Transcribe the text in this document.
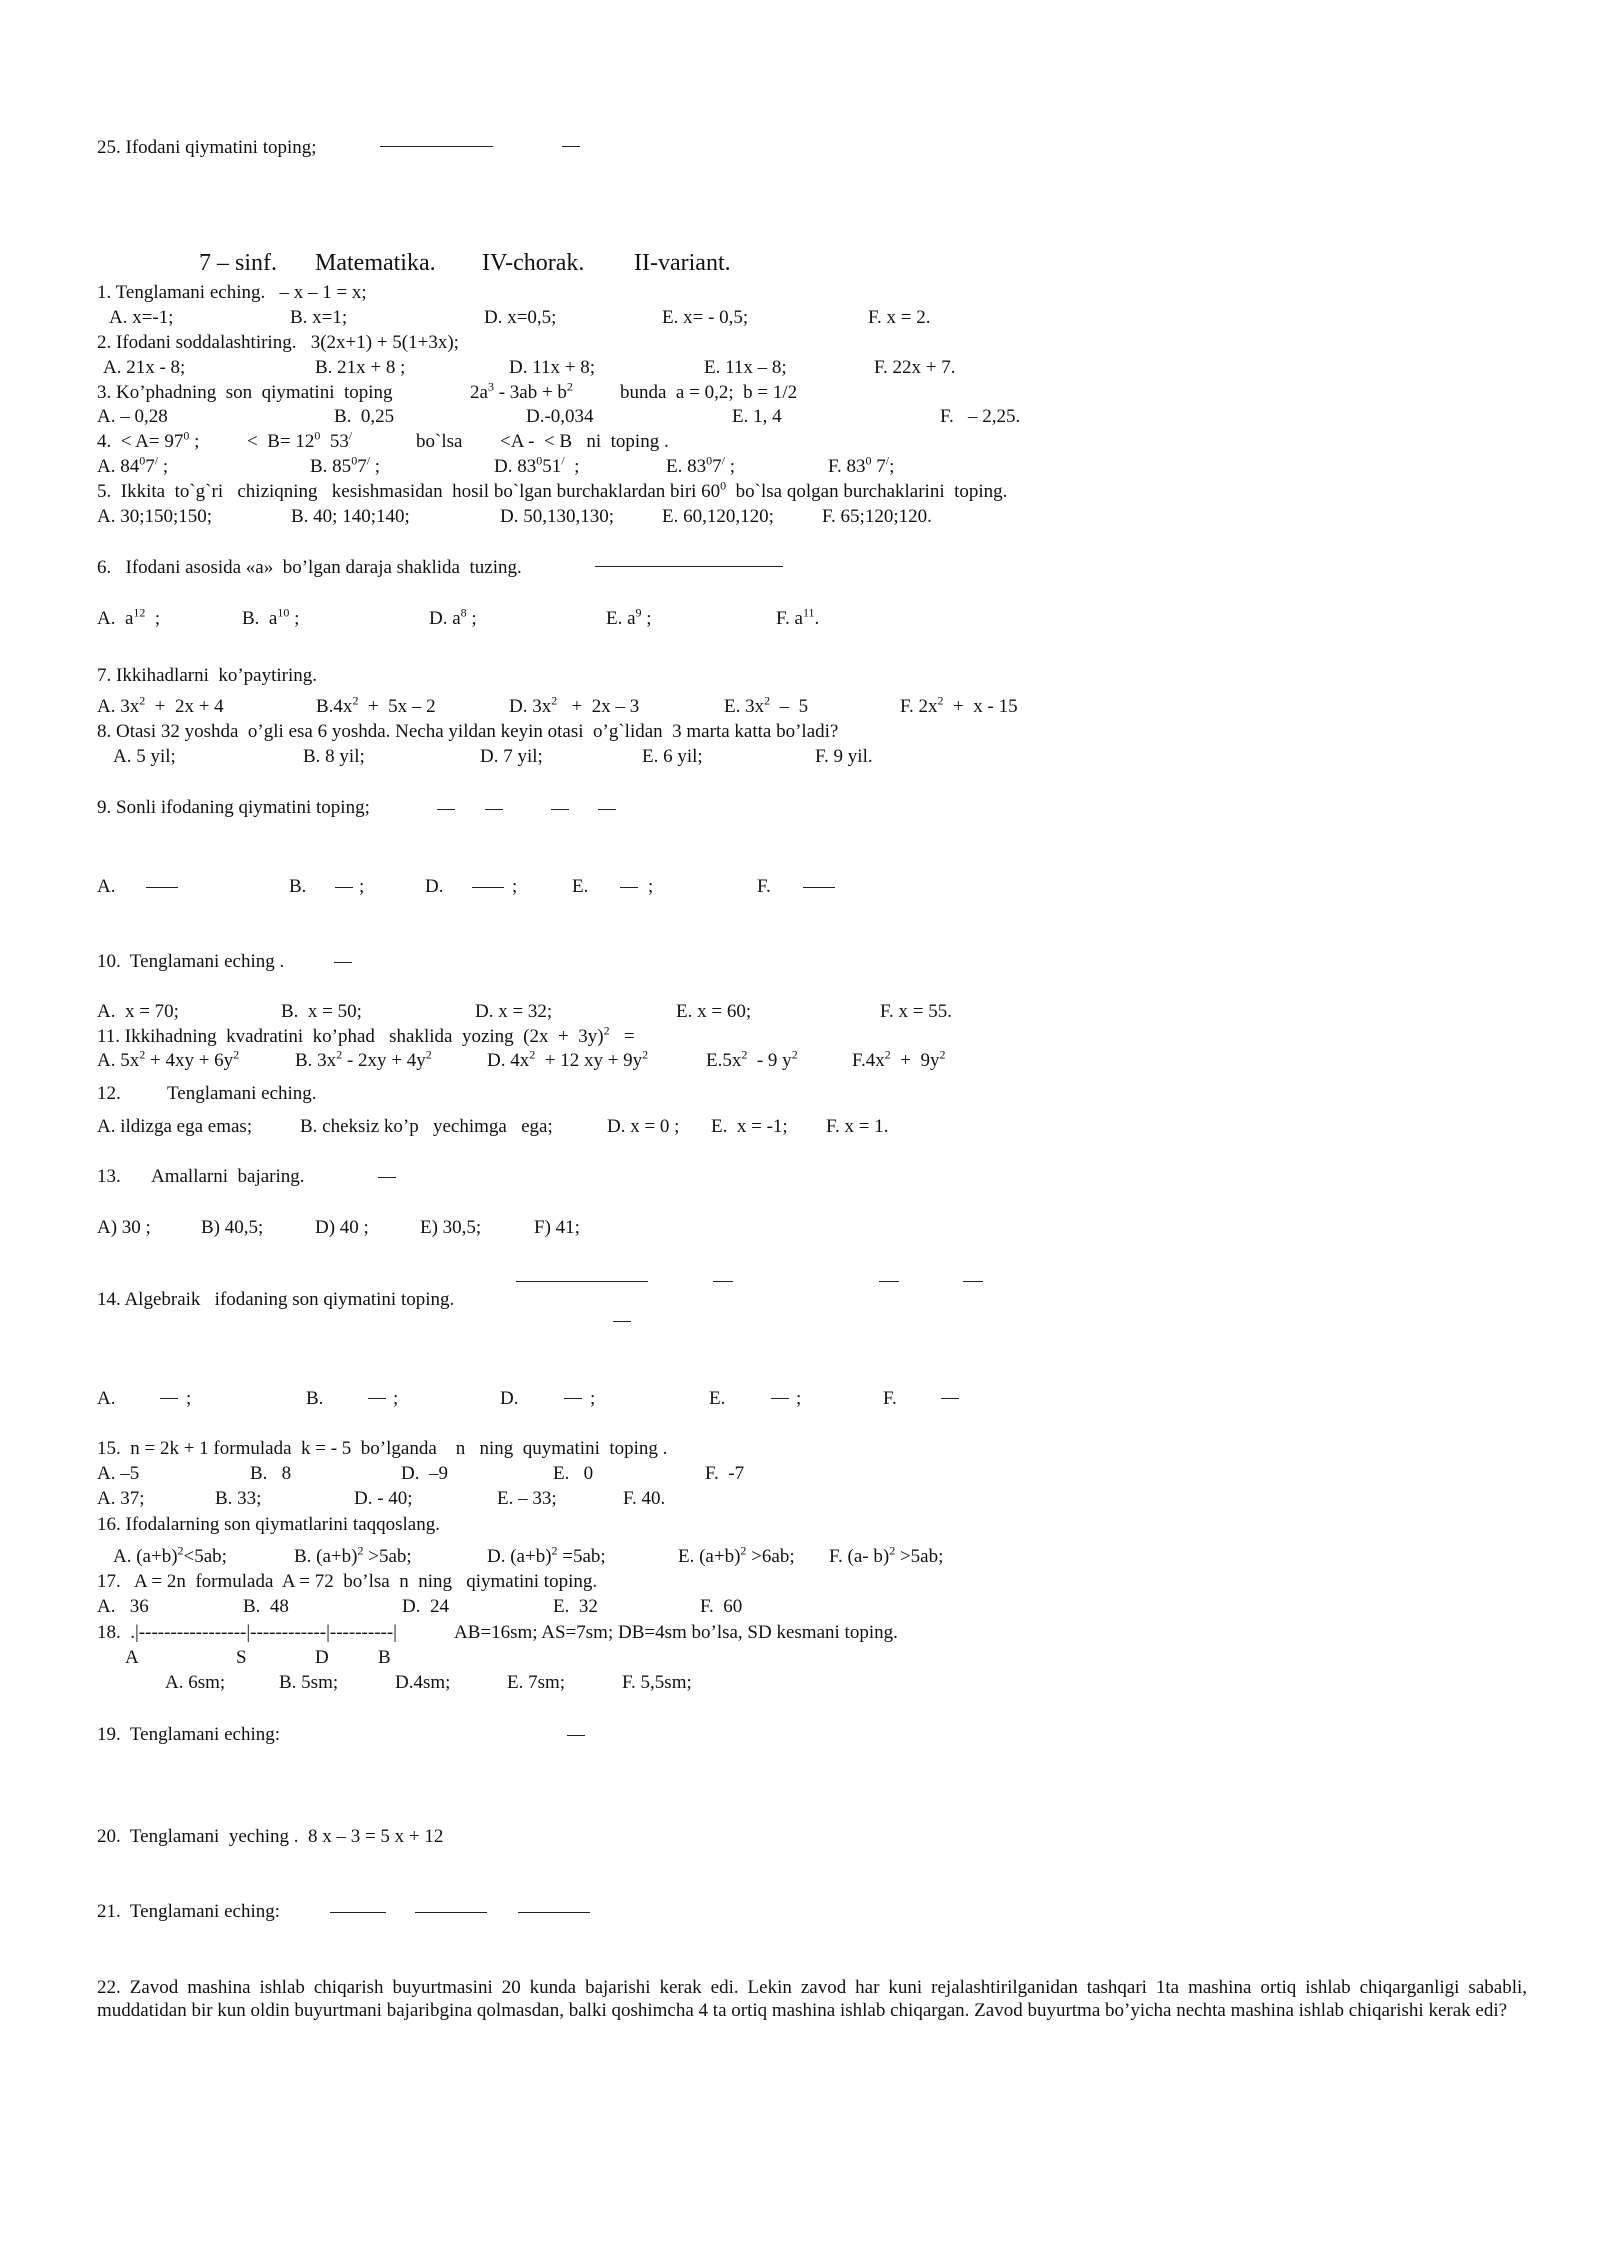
25. Ifodani qiymatini toping;
7 – sinf. Matematika. IV-chorak. II-variant.
1. Tenglamani eching.   – x – 1 = x;
A. x=-1;	B. x=1;	D. x=0,5;	E. x= - 0,5;	F. x = 2.
2. Ifodani soddalashtiring.   3(2x+1) + 5(1+3x);
A. 21x - 8;	B. 21x + 8 ;	D. 11x + 8;	E. 11x – 8;	F. 22x + 7.
3. Ko’phadning  son  qiymatini  toping	$2a^3 - 3ab + b^2$ bunda  a = 0,2;  b = 1/2
A. – 0,28	B.  0,25	D.-0,034	E. 1, 4	F.   – 2,25.
4.  < $A= 97^0$ ;	<  $B= 12^0$  53/	bo`lsa <A -  < B   ni  toping .
A. $84^07^/$ ;	B. $85^07^/$ ;	D. $83^051^/$  ;	E. $83^07^/$ ;	F. $83^0$ 7/;
5.  Ikkita  to`g`ri   chiziqning   kesishmasidan  hosil bo`lgan burchaklardan biri $60^0$  bo`lsa qolgan burchaklarini  toping.
A. 30;150;150;	B. 40; 140;140;	D. 50,130,130;	E. 60,120,120;	F. 65;120;120.
6.   Ifodani asosida «a»  bo’lgan daraja shaklida  tuzing.
A.  $a^{12}$  ;	B.  $a^{10}$ ;	D. $a^8$ ;	E. $a^9$ ;	F. $a^{11}$.
7. Ikkihadlarni  ko’paytiring.
A. $3x^2 + 2x + 4$	$B.4x^2 + 5x - 2$	D. $3x^2 + 2x - 3$	E. $3x^2 - 5$	F. $2x^2 + x - 15$
8. Otasi 32 yoshda  o’gli esa 6 yoshda. Necha yildan keyin otasi  o’g`lidan  3 marta katta bo’ladi?
A. 5 yil;	B. 8 yil;	D. 7 yil;	E. 6 yil;	F. 9 yil.
9. Sonli ifodaning qiymatini toping;
A.	B.	;	D.	;	E.	;	F.
10.  Tenglamani eching .
A.  x = 70;	B.  x = 50;	D. x = 32;	E. x = 60;	F. x = 55.
11. Ikkihadning  kvadratini  ko’phad   shaklida  yozing  $(2x + 3y)^2$   =
A. $5x^2 + 4xy + 6y^2$	B. $3x^2 - 2xy + 4y^2$	D. $4x^2 + 12$ xy + $9y^2$	$E.5x^2 - 9$ $y^2$	$F.4x^2 + 9y^2$
12. Tenglamani eching.
A. ildizga ega emas;	B. cheksiz ko’p   yechimga   ega;	D. x = 0 ; E.  x = -1; F. x = 1.
13. Amallarni  bajaring.
A) 30 ;	B) 40,5;	D) 40 ;	E) 30,5;	F) 41;
14. Algebraik   ifodaning son qiymatini toping.
A.	;	B.	;	D.	;	E.	;	F.
15.  n = 2k + 1 formulada  k = - 5  bo’lganda    n   ning  quymatini  toping .
A. –5	B.   8	D.  –9	E.   0	F.  -7
A. 37;	B. 33;	D. - 40;	E. – 33;	F. 40.
16. Ifodalarning son qiymatlarini taqqoslang.
A. $(a+b)^2<5ab$;	B. $(a+b)^2 >5ab$;	D. $(a+b)^2 =5ab$;	E. $(a+b)^2 >6ab$; F. (a- b)$^2$ >5ab;
17.   A = 2n  formulada  A = 72  bo’lsa  n  ning   qiymatini toping.
A.   36	B.  48	D.  24	E.  32	F.  60
18.  .|-----------------|------------|----------|	AB=16sm; AS=7sm; DB=4sm bo’lsa, SD kesmani toping.
A	S	D	B
A. 6sm;	B. 5sm;	D.4sm;	E. 7sm;	F. 5,5sm;
19.  Tenglamani eching:
20.  Tenglamani  yeching .  8 x – 3 = 5 x + 12
21.  Tenglamani eching:
22. Zavod mashina ishlab chiqarish buyurtmasini 20 kunda bajarishi kerak edi. Lekin zavod har kuni rejalashtirilganidan tashqari 1ta mashina ortiq ishlab chiqarganligi sababli, muddatidan bir kun oldin buyurtmani bajaribgina qolmasdan, balki qoshimcha 4 ta ortiq mashina ishlab chiqargan. Zavod buyurtma bo’yicha nechta mashina ishlab chiqarishi kerak edi?
